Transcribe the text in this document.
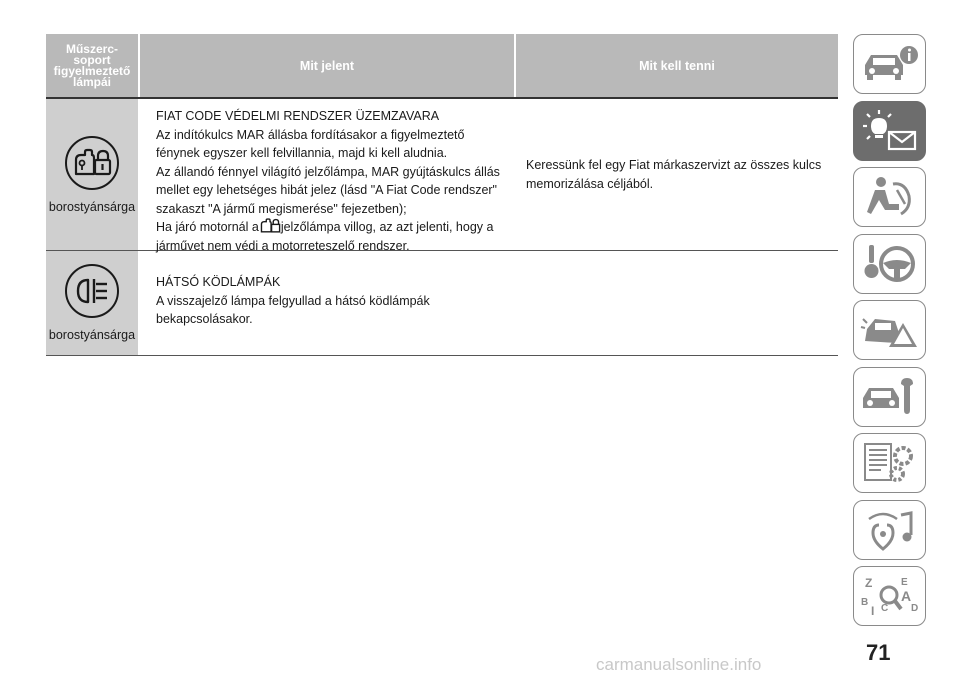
Műszerc-
soport
figyelmeztető
lámpái
Mit jelent	Mit kell tenni
borostyánsárga

FIAT CODE VÉDELMI RENDSZER ÜZEMZAVARA

Az indítókulcs MAR állásba fordításakor a figyelmeztető fénynek egyszer kell felvillannia, majd ki kell aludnia.

Az állandó fénnyel világító jelzőlámpa, MAR gyújtáskulcs állás mellet egy lehetséges hibát jelez (lásd "A Fiat Code rendszer" szakaszt "A jármű megismerése" fejezetben);

Ha járó motornál a jelzőlámpa villog, az azt jelenti, hogy a járművet nem védi a motorreteszelő rendszer.

Keressünk fel egy Fiat márkaszervizt az összes kulcs memorizálása céljából.

borostyánsárga

HÁTSÓ KÖDLÁMPÁK

A visszajelző lámpa felgyullad a hátsó ködlámpák bekapcsolásakor.

Z	E
B A
D
I C
71
carmanualsonline.info
